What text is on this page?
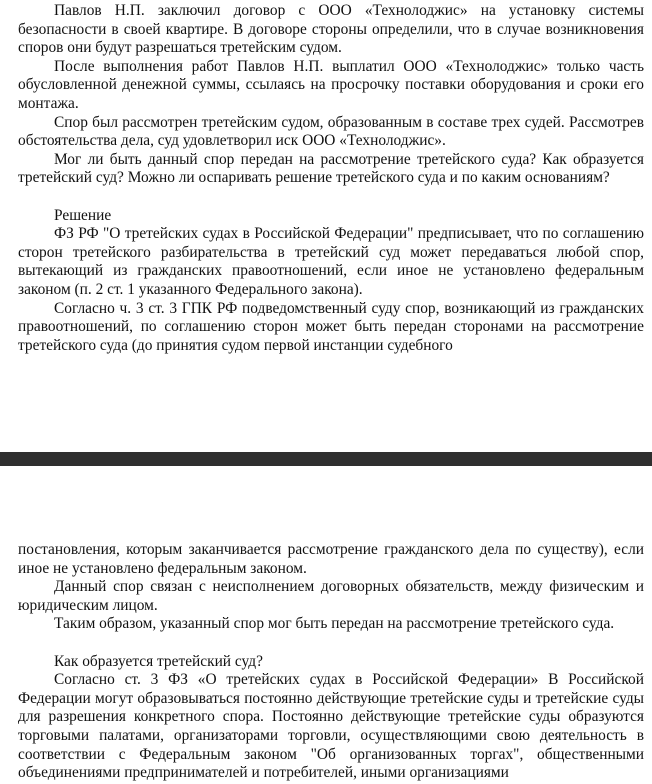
Павлов Н.П. заключил договор с ООО «Технолоджис» на установку системы безопасности в своей квартире. В договоре стороны определили, что в случае возникновения споров они будут разрешаться третейским судом.

После выполнения работ Павлов Н.П. выплатил ООО «Технолоджис» только часть обусловленной денежной суммы, ссылаясь на просрочку поставки оборудования и сроки его монтажа.

Спор был рассмотрен третейским судом, образованным в составе трех судей. Рассмотрев обстоятельства дела, суд удовлетворил иск ООО «Технолоджис».

Мог ли быть данный спор передан на рассмотрение третейского суда? Как образуется третейский суд? Можно ли оспаривать решение третейского суда и по каким основаниям?

Решение

ФЗ РФ "О третейских судах в Российской Федерации" предписывает, что по соглашению сторон третейского разбирательства в третейский суд может передаваться любой спор, вытекающий из гражданских правоотношений, если иное не установлено федеральным законом (п. 2 ст. 1 указанного Федерального закона).

Согласно ч. 3 ст. 3 ГПК РФ подведомственный суду спор, возникающий из гражданских правоотношений, по соглашению сторон может быть передан сторонами на рассмотрение третейского суда (до принятия судом первой инстанции судебного

постановления, которым заканчивается рассмотрение гражданского дела по существу), если иное не установлено федеральным законом.

Данный спор связан с неисполнением договорных обязательств, между физическим и юридическим лицом.

Таким образом, указанный спор мог быть передан на рассмотрение третейского суда.

Как образуется третейский суд?

Согласно ст. 3 ФЗ «О третейских судах в Российской Федерации» В Российской Федерации могут образовываться постоянно действующие третейские суды и третейские суды для разрешения конкретного спора. Постоянно действующие третейские суды образуются торговыми палатами, организаторами торговли, осуществляющими свою деятельность в соответствии с Федеральным законом "Об организованных торгах", общественными объединениями предпринимателей и потребителей, иными организациями
